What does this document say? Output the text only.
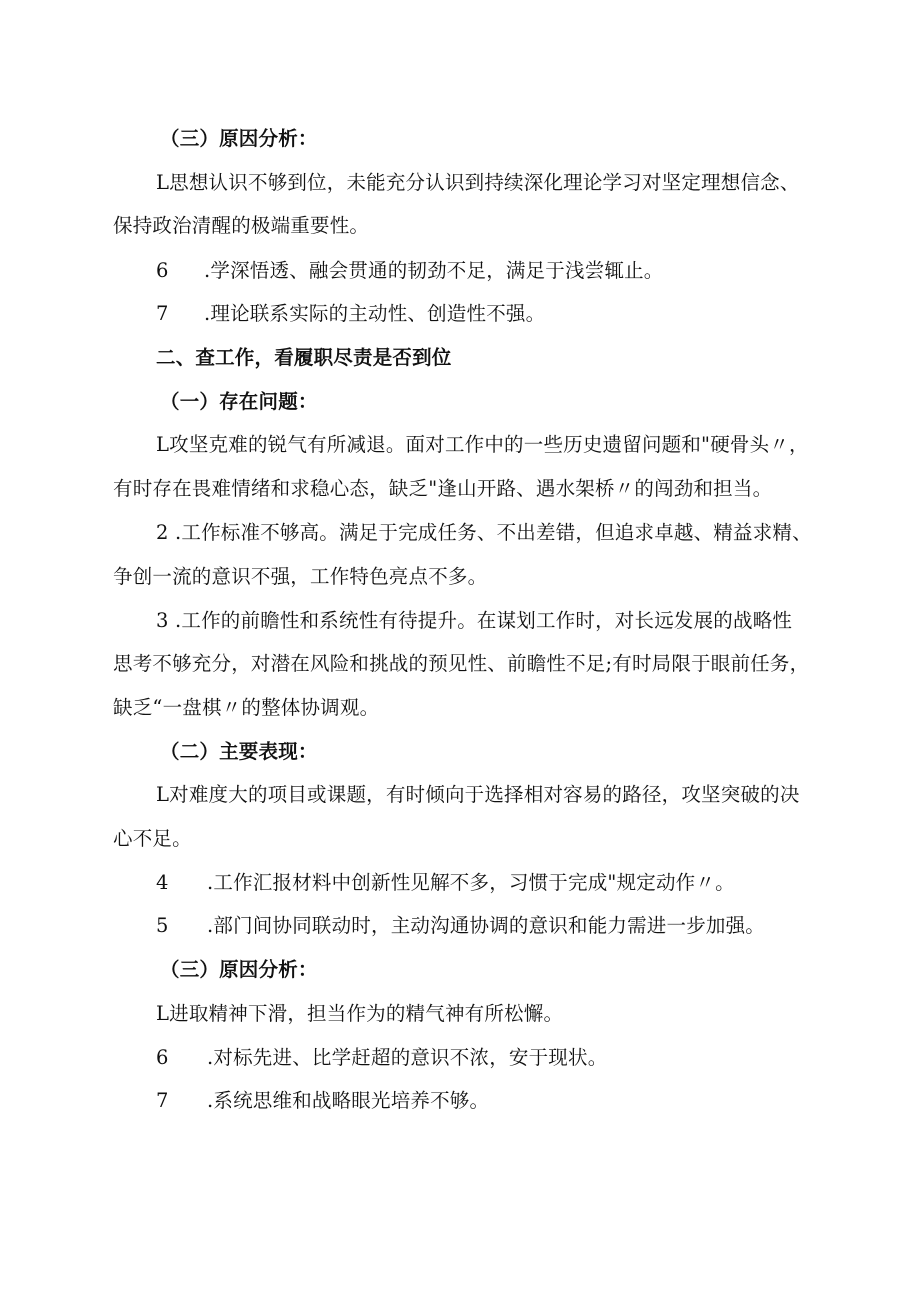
（三）原因分析：
L思想认识不够到位，未能充分认识到持续深化理论学习对坚定理想信念、
保持政治清醒的极端重要性。
6 .学深悟透、融会贯通的韧劲不足，满足于浅尝辄止。
7 .理论联系实际的主动性、创造性不强。
二、查工作，看履职尽责是否到位
（一）存在问题：
L攻坚克难的锐气有所减退。面对工作中的一些历史遗留问题和"硬骨头〃，
有时存在畏难情绪和求稳心态，缺乏"逢山开路、遇水架桥〃的闯劲和担当。
2 .工作标准不够高。满足于完成任务、不出差错，但追求卓越、精益求精、
争创一流的意识不强，工作特色亮点不多。
3 .工作的前瞻性和系统性有待提升。在谋划工作时，对长远发展的战略性
思考不够充分，对潜在风险和挑战的预见性、前瞻性不足;有时局限于眼前任务，
缺乏“一盘棋〃的整体协调观。
（二）主要表现：
L对难度大的项目或课题，有时倾向于选择相对容易的路径，攻坚突破的决
心不足。
4 .工作汇报材料中创新性见解不多，习惯于完成"规定动作〃。
5 .部门间协同联动时，主动沟通协调的意识和能力需进一步加强。
（三）原因分析：
L进取精神下滑，担当作为的精气神有所松懈。
6 .对标先进、比学赶超的意识不浓，安于现状。
7 .系统思维和战略眼光培养不够。
